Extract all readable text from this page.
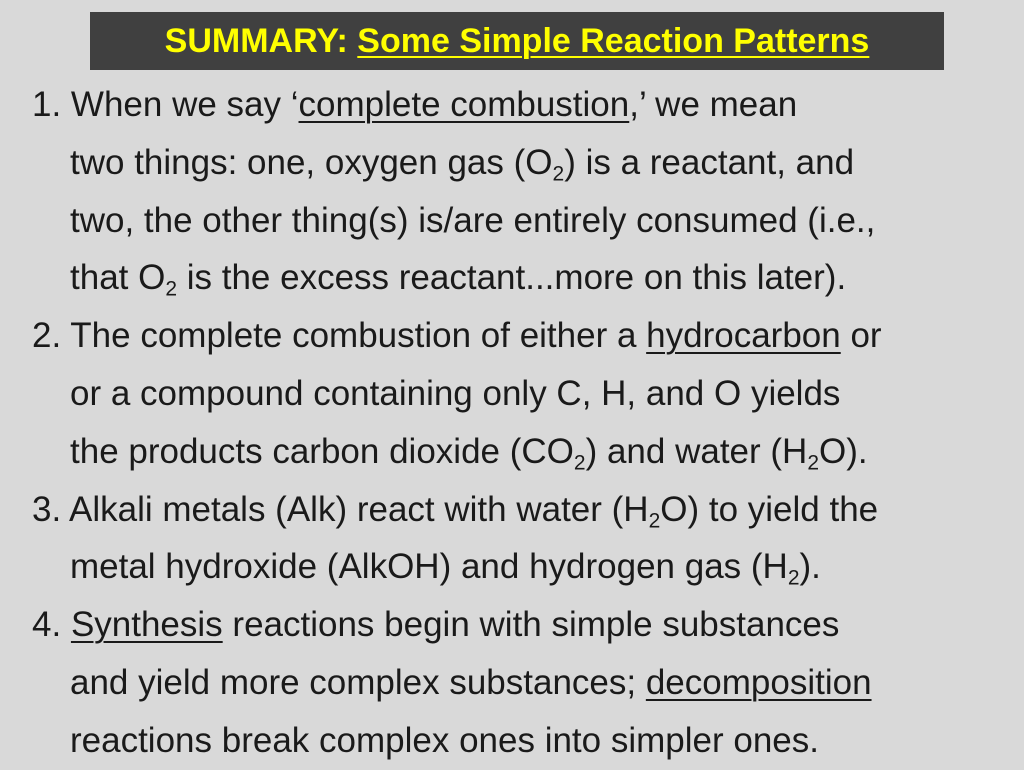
SUMMARY: Some Simple Reaction Patterns
1. When we say ‘complete combustion,’ we mean
two things: one, oxygen gas $(O_2)$ is a reactant, and
two, the other thing(s) is/are entirely consumed (i.e.,
that $O_2$ is the excess reactant...more on this later).
2. The complete combustion of either a hydrocarbon or
or a compound containing only C, H, and O yields
the products carbon dioxide $(CO_2)$ and water $(H_2O)$.
3. Alkali metals (Alk) react with water $(H_2O)$ to yield the
metal hydroxide (AlkOH) and hydrogen gas $(H_2)$.
4. Synthesis reactions begin with simple substances
and yield more complex substances; decomposition
reactions break complex ones into simpler ones.
